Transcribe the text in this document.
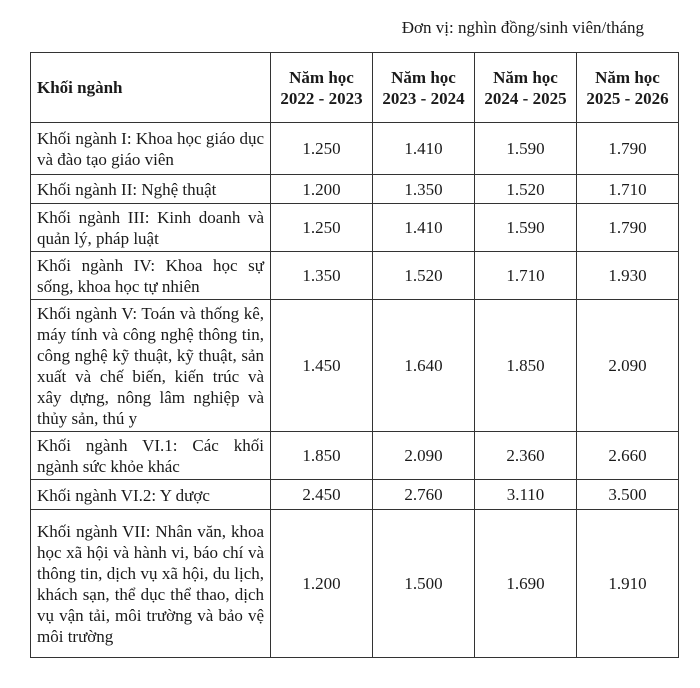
Đơn vị: nghìn đồng/sinh viên/tháng
Khối ngành	Năm học 2022 - 2023	Năm học 2023 - 2024	Năm học 2024 - 2025	Năm học 2025 - 2026
Khối ngành I: Khoa học giáo dục và đào tạo giáo viên	1.250	1.410	1.590	1.790
Khối ngành II: Nghệ thuật	1.200	1.350	1.520	1.710
Khối ngành III: Kinh doanh và quản lý, pháp luật	1.250	1.410	1.590	1.790
Khối ngành IV: Khoa học sự sống, khoa học tự nhiên	1.350	1.520	1.710	1.930
Khối ngành V: Toán và thống kê, máy tính và công nghệ thông tin, công nghệ kỹ thuật, kỹ thuật, sản xuất và chế biến, kiến trúc và xây dựng, nông lâm nghiệp và thủy sản, thú y	1.450	1.640	1.850	2.090
Khối ngành VI.1: Các khối ngành sức khỏe khác	1.850	2.090	2.360	2.660
Khối ngành VI.2: Y dược	2.450	2.760	3.110	3.500
Khối ngành VII: Nhân văn, khoa học xã hội và hành vi, báo chí và thông tin, dịch vụ xã hội, du lịch, khách sạn, thể dục thể thao, dịch vụ vận tải, môi trường và bảo vệ môi trường	1.200	1.500	1.690	1.910
